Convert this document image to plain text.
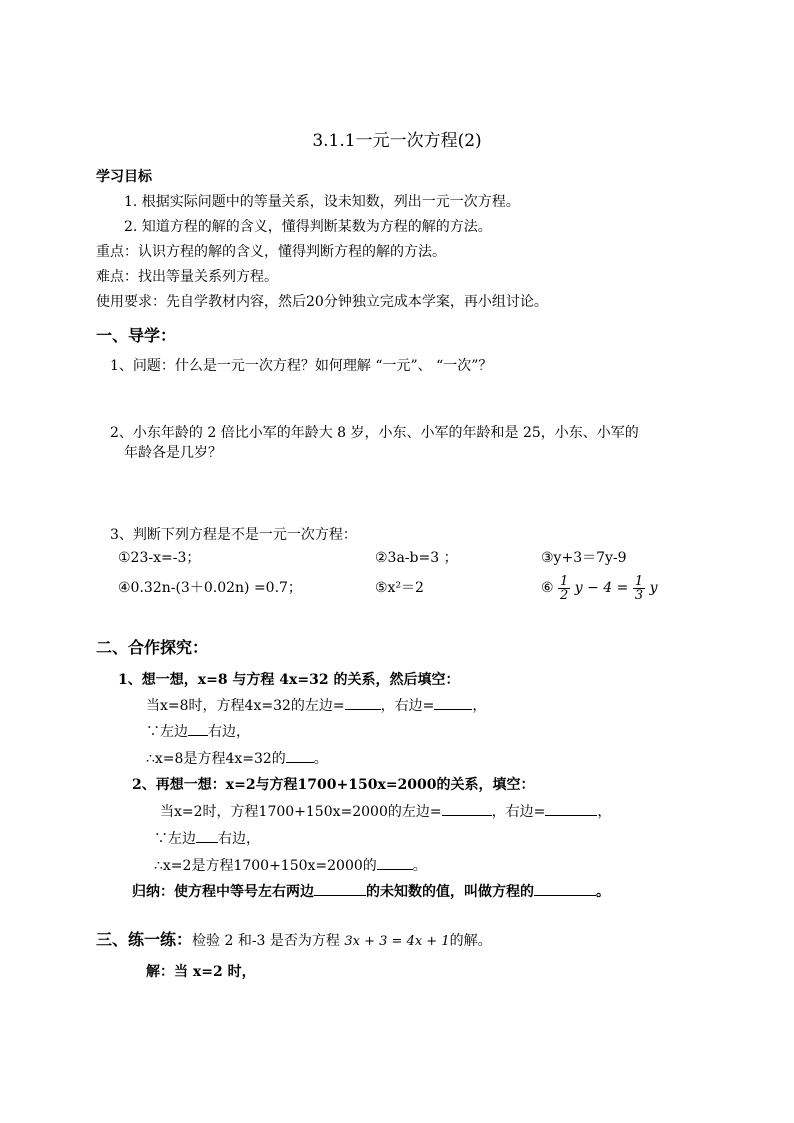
3.1.1一元一次方程(2)
学习目标
1. 根据实际问题中的等量关系，设未知数，列出一元一次方程。
2. 知道方程的解的含义，懂得判断某数为方程的解的方法。
重点：认识方程的解的含义，懂得判断方程的解的方法。
难点：找出等量关系列方程。
使用要求：先自学教材内容，然后20分钟独立完成本学案，再小组讨论。
一、导学：
1、问题：什么是一元一次方程？如何理解 “一元”、 “一次”？
2、小东年龄的 2 倍比小军的年龄大 8 岁，小东、小军的年龄和是 25，小东、小军的
年龄各是几岁？
3、判断下列方程是不是一元一次方程：
①23-x=-3；	②3a-b=3 ；	③y+3＝7y-9
④0.32n-(3＋0.02n) =0.7；	⑤x²＝2	⑥ $\frac{1}{2}$ $y - 4 = \frac{1}{3}$ y
二、合作探究：
1、想一想，x=8 与方程 4x=32 的关系，然后填空：
当x=8时，方程4x=32的左边=	，右边=	，
∵左边 右边，
∴x=8是方程4x=32的 。
2、再想一想：x=2与方程1700+150x=2000的关系，填空：
当x=2时，方程1700+150x=2000的左边=	，右边=	，
∵左边 右边，
∴x=2是方程1700+150x=2000的	。
归纳：使方程中等号左右两边	的未知数的值，叫做方程的	。
三、练一练：检验 2 和-3 是否为方程 3x + 3 = 4x + 1的解。
解：当 x=2 时，
